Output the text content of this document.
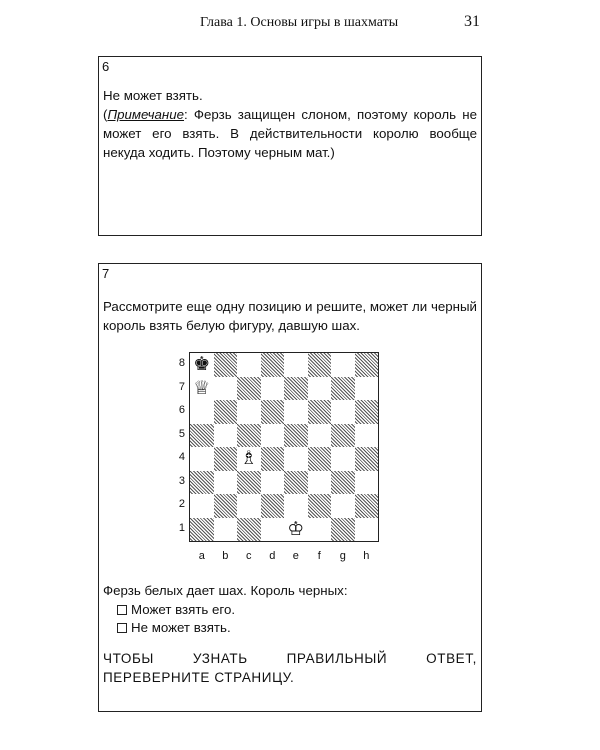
Глава 1. Основы игры в шахматы	31
6
Не может взять.
(Примечание: Ферзь защищен слоном, поэтому король не может его взять. В действительности королю вообще некуда ходить. Поэтому черным мат.)
7
Рассмотрите еще одну позицию и решите, может ли черный король взять белую фигуру, давшую шах.
♚
♕
♗
♔
8
7
6
5
4
3
2
1
a	b	c	d	e	f	g	h
Ферзь белых дает шах. Король черных:
Может взять его.
Не может взять.
ЧТОБЫ УЗНАТЬ ПРАВИЛЬНЫЙ ОТВЕТ, ПЕРЕВЕРНИТЕ СТРАНИЦУ.
